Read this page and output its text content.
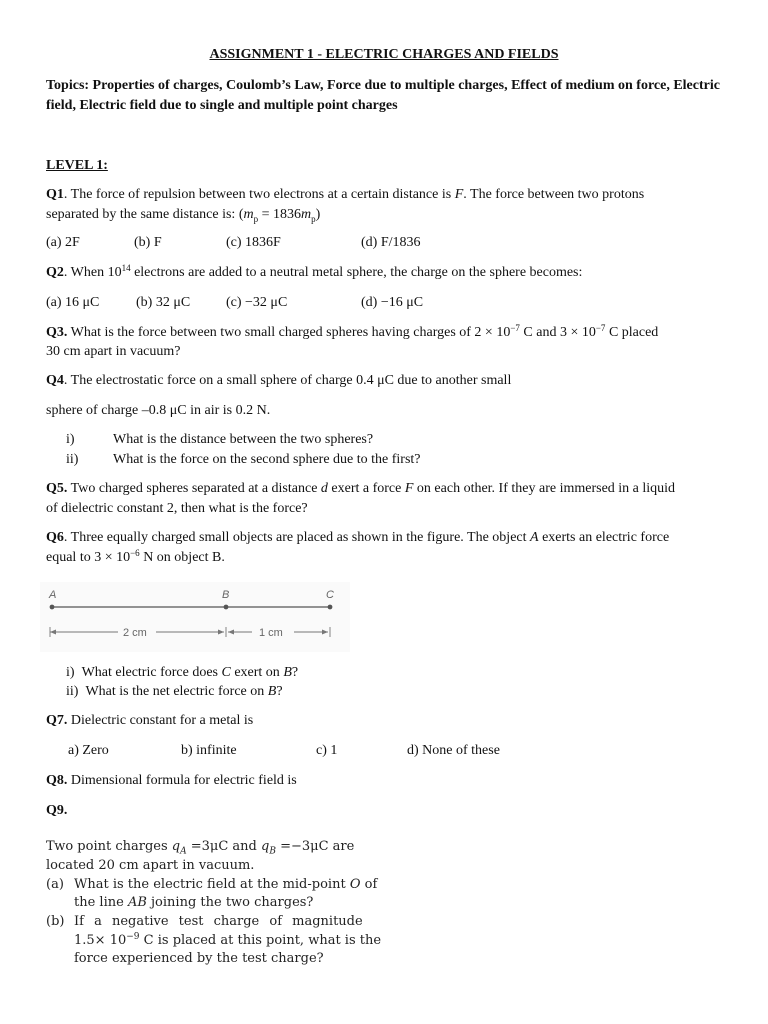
ASSIGNMENT 1 - ELECTRIC CHARGES AND FIELDS
Topics: Properties of charges, Coulomb’s Law, Force due to multiple charges, Effect of medium on force, Electric field, Electric field due to single and multiple point charges
LEVEL 1:
Q1. The force of repulsion between two electrons at a certain distance is F. The force between two protons
separated by the same distance is: $(m_p = 1836m_p)$
(a) 2F	(b) F	(c) 1836F	(d) F/1836
Q2. When $10^{14}$ electrons are added to a neutral metal sphere, the charge on the sphere becomes:
(a) 16 μC	(b) 32 μC	(c) −32 μC	(d) −16 μC
Q3. What is the force between two small charged spheres having charges of $2 \times 10^{-7}$ C and $3 \times 10^{-7}$ C placed
30 cm apart in vacuum?
Q4. The electrostatic force on a small sphere of charge 0.4 μC due to another small
sphere of charge –0.8 μC in air is 0.2 N.
i)	What is the distance between the two spheres?
ii) What is the force on the second sphere due to the first?
Q5. Two charged spheres separated at a distance d exert a force F on each other. If they are immersed in a liquid
of dielectric constant 2, then what is the force?
Q6. Three equally charged small objects are placed as shown in the figure. The object A exerts an electric force
equal to $3 \times 10^{-6}$ N on object B.
A	B	C
2 cm	1 cm
i) What electric force does C exert on B?
ii) What is the net electric force on B?
Q7. Dielectric constant for a metal is
a) Zero	b) infinite	c) 1	d) None of these
Q8. Dimensional formula for electric field is
Q9.
Two point charges $q_A =3\mu C$ and $q_B =-3\mu C$ are
located 20 cm apart in vacuum.
(a) What is the electric field at the mid-point O of
the line AB joining the two charges?
(b) If a negative test charge of magnitude
$1.5\times 10^{-9}$ C is placed at this point, what is the
force experienced by the test charge?
